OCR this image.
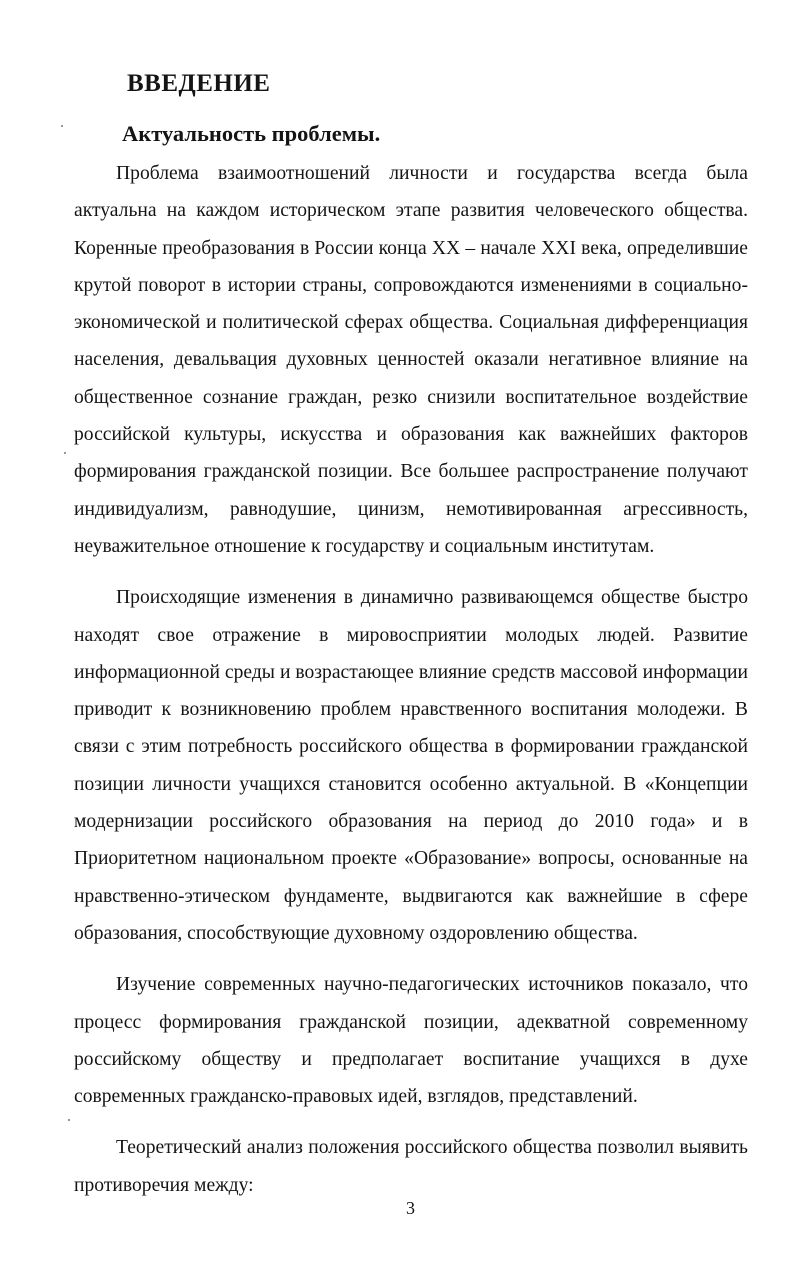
ВВЕДЕНИЕ
Актуальность проблемы.

Проблема взаимоотношений личности и государства всегда была актуальна на каждом историческом этапе развития человеческого общества. Коренные преобразования в России конца XX – начале XXI века, определившие крутой поворот в истории страны, сопровождаются изменениями в социально-экономической и политической сферах общества. Социальная дифференциация населения, девальвация духовных ценностей оказали негативное влияние на общественное сознание граждан, резко снизили воспитательное воздействие российской культуры, искусства и образования как важнейших факторов формирования гражданской позиции. Все большее распространение получают индивидуализм, равнодушие, цинизм, немотивированная агрессивность, неуважительное отношение к государству и социальным институтам.

Происходящие изменения в динамично развивающемся обществе быстро находят свое отражение в мировосприятии молодых людей. Развитие информационной среды и возрастающее влияние средств массовой информации приводит к возникновению проблем нравственного воспитания молодежи. В связи с этим потребность российского общества в формировании гражданской позиции личности учащихся становится особенно актуальной. В «Концепции модернизации российского образования на период до 2010 года» и в Приоритетном национальном проекте «Образование» вопросы, основанные на нравственно-этическом фундаменте, выдвигаются как важнейшие в сфере образования, способствующие духовному оздоровлению общества.

Изучение современных научно-педагогических источников показало, что процесс формирования гражданской позиции, адекватной современному российскому обществу и предполагает воспитание учащихся в духе современных гражданско-правовых идей, взглядов, представлений.

Теоретический анализ положения российского общества позволил выявить противоречия между:

3
